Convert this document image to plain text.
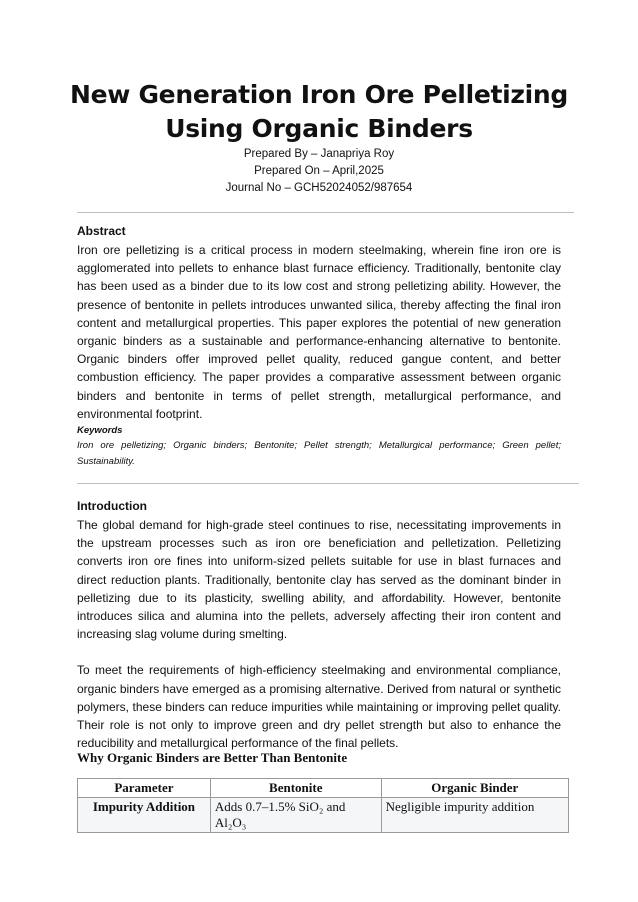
New Generation Iron Ore Pelletizing Using Organic Binders
Prepared By – Janapriya Roy
Prepared On – April,2025
Journal No – GCH52024052/987654
Abstract

Iron ore pelletizing is a critical process in modern steelmaking, wherein fine iron ore is agglomerated into pellets to enhance blast furnace efficiency. Traditionally, bentonite clay has been used as a binder due to its low cost and strong pelletizing ability. However, the presence of bentonite in pellets introduces unwanted silica, thereby affecting the final iron content and metallurgical properties. This paper explores the potential of new generation organic binders as a sustainable and performance-enhancing alternative to bentonite. Organic binders offer improved pellet quality, reduced gangue content, and better combustion efficiency. The paper provides a comparative assessment between organic binders and bentonite in terms of pellet strength, metallurgical performance, and environmental footprint.

Keywords
Iron ore pelletizing; Organic binders; Bentonite; Pellet strength; Metallurgical performance; Green pellet; Sustainability.
Introduction

The global demand for high-grade steel continues to rise, necessitating improvements in the upstream processes such as iron ore beneficiation and pelletization. Pelletizing converts iron ore fines into uniform-sized pellets suitable for use in blast furnaces and direct reduction plants. Traditionally, bentonite clay has served as the dominant binder in pelletizing due to its plasticity, swelling ability, and affordability. However, bentonite introduces silica and alumina into the pellets, adversely affecting their iron content and increasing slag volume during smelting.

To meet the requirements of high-efficiency steelmaking and environmental compliance, organic binders have emerged as a promising alternative. Derived from natural or synthetic polymers, these binders can reduce impurities while maintaining or improving pellet quality. Their role is not only to improve green and dry pellet strength but also to enhance the reducibility and metallurgical performance of the final pellets.

Why Organic Binders are Better Than Bentonite
Parameter	Bentonite	Organic Binder
Impurity Addition	Adds 0.7–1.5% SiO₂ and Al₂O₃	Negligible impurity addition
